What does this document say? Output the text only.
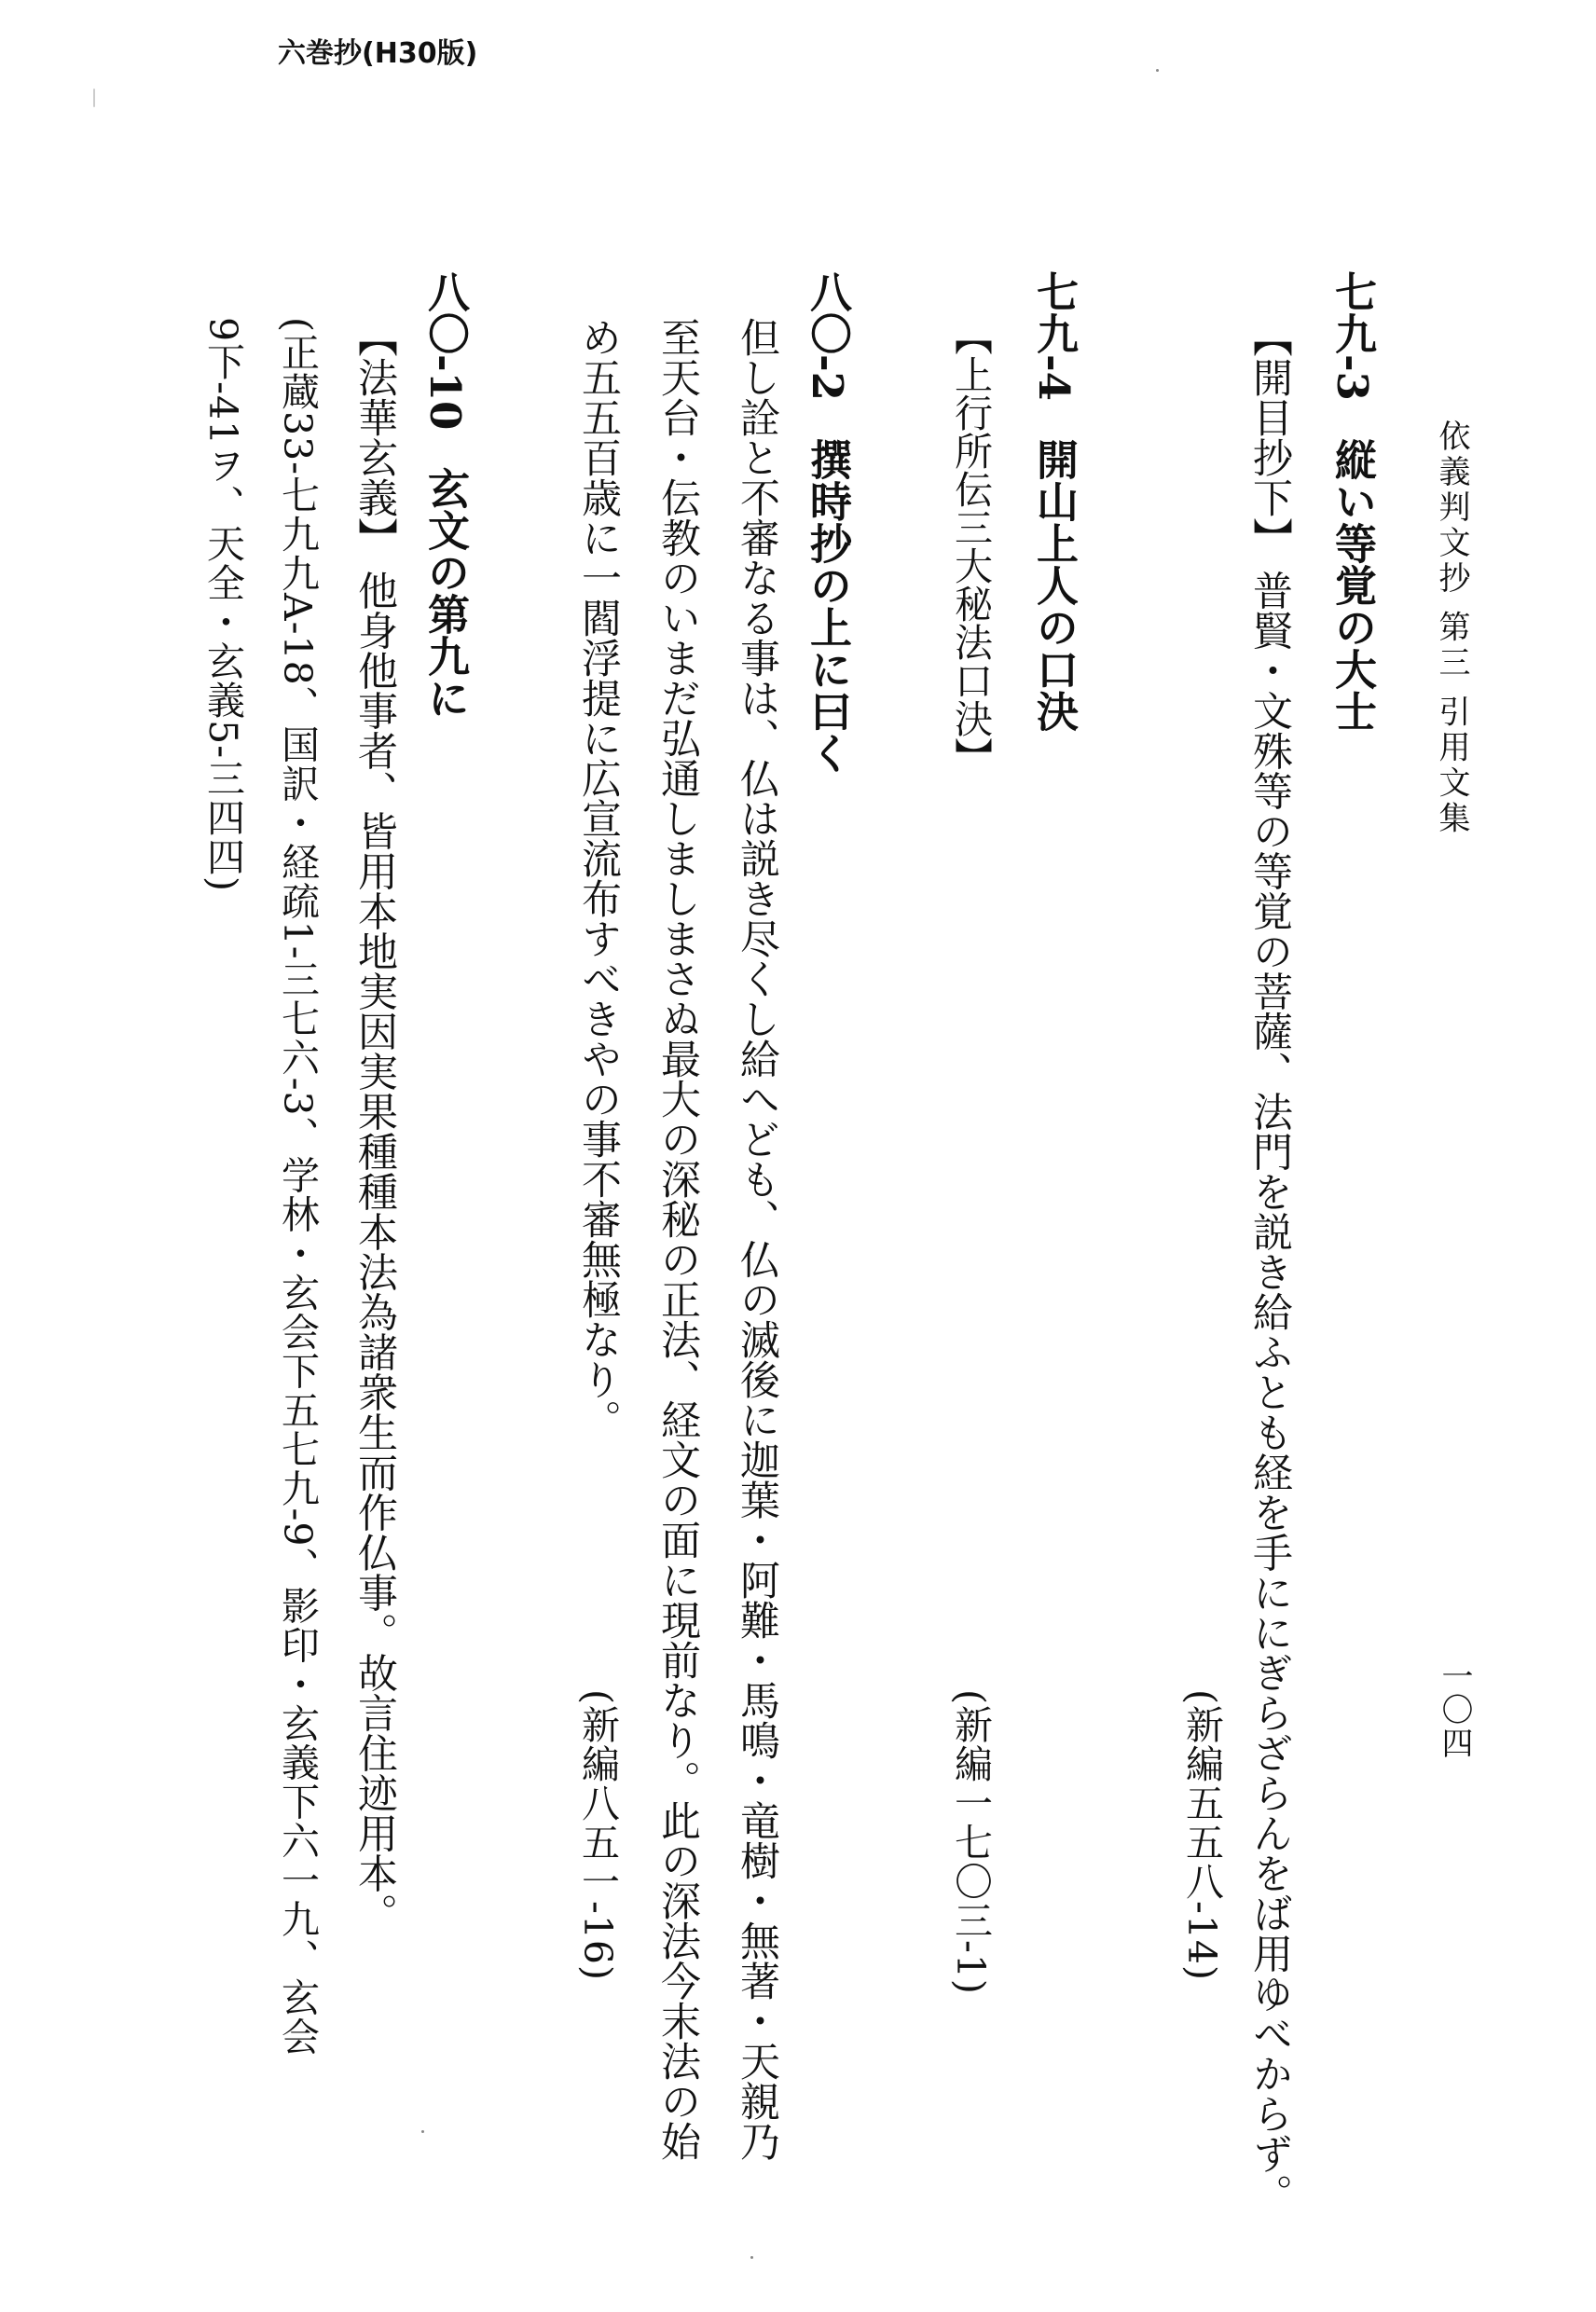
六巻抄(H30版)
依義判文抄 第三 引用文集
一〇四
七九-3縦い等覚の大士
【開目抄下】 普賢・文殊等の等覚の菩薩、法門を説き給ふとも経を手ににぎらざらんをば用ゆべからず。
(新編五五八-14)
七九-4開山上人の口決
【上行所伝三大秘法口決】
(新編一七〇三-1)
八〇-2撰時抄の上に曰く
但し詮と不審なる事は、仏は説き尽くし給へども、仏の滅後に迦葉・阿難・馬鳴・竜樹・無著・天親乃
至天台・伝教のいまだ弘通しましまさぬ最大の深秘の正法、経文の面に現前なり。此の深法今末法の始
め五五百歳に一閻浮提に広宣流布すべきやの事不審無極なり。
(新編八五一-16)
八〇-10玄文の第九に
【法華玄義】 他身他事者、皆用本地実因実果種種本法為諸衆生而作仏事。故言住迹用本。
(正蔵33-七九九A-18、国訳・経疏1-三七六-3、学林・玄会下五七九-9、影印・玄義下六一九、玄会
9下-41ヲ、天全・玄義5-三四四)
